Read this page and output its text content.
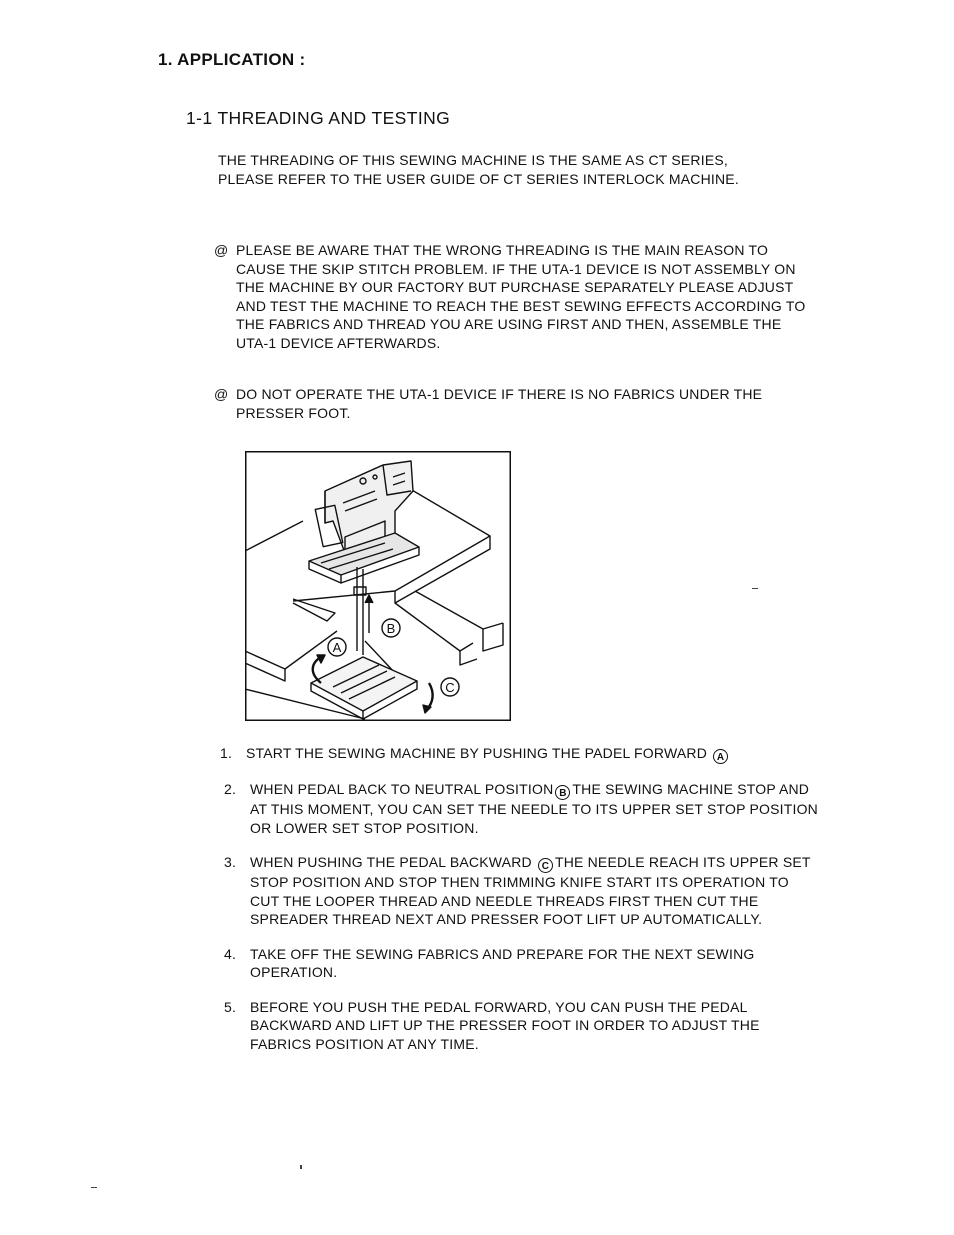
1. APPLICATION :
1-1 THREADING AND TESTING

THE THREADING OF THIS SEWING MACHINE IS THE SAME AS CT SERIES, PLEASE REFER TO THE USER GUIDE OF CT SERIES INTERLOCK MACHINE.

@ PLEASE BE AWARE THAT THE WRONG THREADING IS THE MAIN REASON TO CAUSE THE SKIP STITCH PROBLEM. IF THE UTA-1 DEVICE IS NOT ASSEMBLY ON THE MACHINE BY OUR FACTORY BUT PURCHASE SEPARATELY PLEASE ADJUST AND TEST THE MACHINE TO REACH THE BEST SEWING EFFECTS ACCORDING TO THE FABRICS AND THREAD YOU ARE USING FIRST AND THEN, ASSEMBLE THE UTA-1 DEVICE AFTERWARDS.
@ DO NOT OPERATE THE UTA-1 DEVICE IF THERE IS NO FABRICS UNDER THE PRESSER FOOT.
A
B
C
1. START THE SEWING MACHINE BY PUSHING THE PADEL FORWARD A
2. WHEN PEDAL BACK TO NEUTRAL POSITION B THE SEWING MACHINE STOP AND AT THIS MOMENT, YOU CAN SET THE NEEDLE TO ITS UPPER SET STOP POSITION OR LOWER SET STOP POSITION.
3. WHEN PUSHING THE PEDAL BACKWARD C THE NEEDLE REACH ITS UPPER SET STOP POSITION AND STOP THEN TRIMMING KNIFE START ITS OPERATION TO CUT THE LOOPER THREAD AND NEEDLE THREADS FIRST THEN CUT THE SPREADER THREAD NEXT AND PRESSER FOOT LIFT UP AUTOMATICALLY.
4. TAKE OFF THE SEWING FABRICS AND PREPARE FOR THE NEXT SEWING OPERATION.
5. BEFORE YOU PUSH THE PEDAL FORWARD, YOU CAN PUSH THE PEDAL BACKWARD AND LIFT UP THE PRESSER FOOT IN ORDER TO ADJUST THE FABRICS POSITION AT ANY TIME.
